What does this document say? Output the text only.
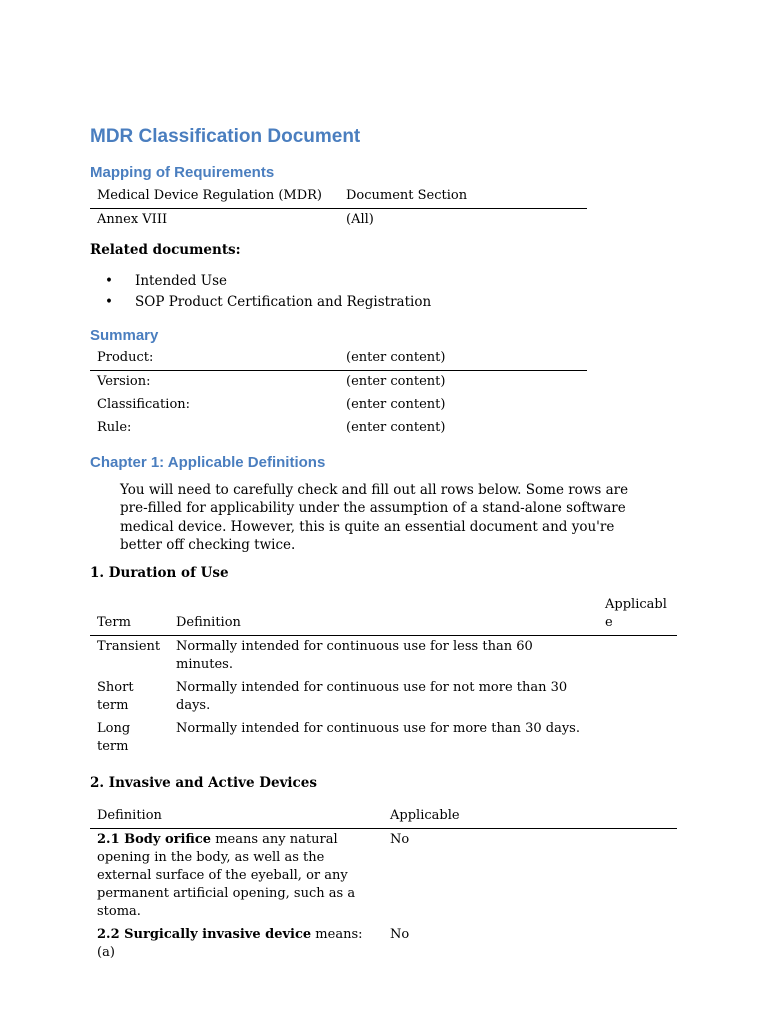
MDR Classification Document
Mapping of Requirements
Medical Device Regulation (MDR)	Document Section
Annex VIII	(All)

Related documents:

• Intended Use
• SOP Product Certification and Registration
Summary
Product:	(enter content)
Version:	(enter content)
Classification:	(enter content)
Rule:	(enter content)
Chapter 1: Applicable Definitions

You will need to carefully check and fill out all rows below. Some rows are pre-filled for applicability under the assumption of a stand-alone software medical device. However, this is quite an essential document and you're better off checking twice.

1. Duration of Use

Term	Definition	Applicable
Transient	Normally intended for continuous use for less than 60 minutes.	
Short term	Normally intended for continuous use for not more than 30 days.	
Long term	Normally intended for continuous use for more than 30 days.	

2. Invasive and Active Devices

Definition	Applicable
2.1 Body orifice means any natural opening in the body, as well as the external surface of the eyeball, or any permanent artificial opening, such as a stoma.	No
2.2 Surgically invasive device means:(a)	No
